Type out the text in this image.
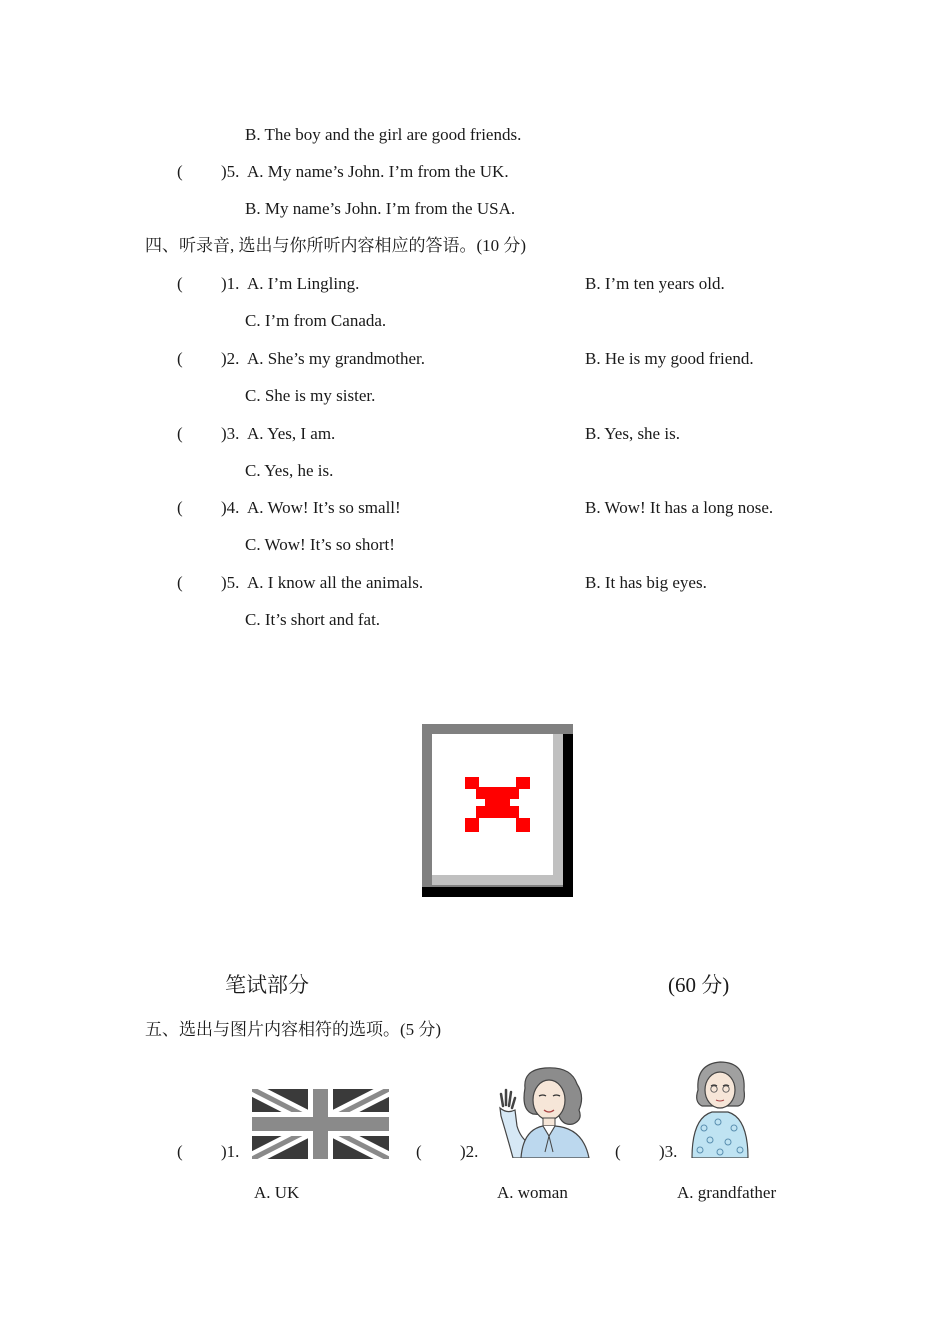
B. The boy and the girl are good friends.
( )5. A. My name’s John. I’m from the UK.
B. My name’s John. I’m from the USA.
四、听录音, 选出与你所听内容相应的答语。(10 分)
( )1. A. I’m Lingling.	B. I’m ten years old.
C. I’m from Canada.
( )2. A. She’s my grandmother.	B. He is my good friend.
C. She is my sister.
( )3. A. Yes, I am.	B. Yes, she is.
C. Yes, he is.
( )4. A. Wow! It’s so small!	B. Wow! It has a long nose.
C. Wow! It’s so short!
( )5. A. I know all the animals.	B. It has big eyes.
C. It’s short and fat.
笔试部分	(60 分)
五、选出与图片内容相符的选项。(5 分)
( )1.
A. UK
( )2.
A. woman
( )3.
A. grandfather
